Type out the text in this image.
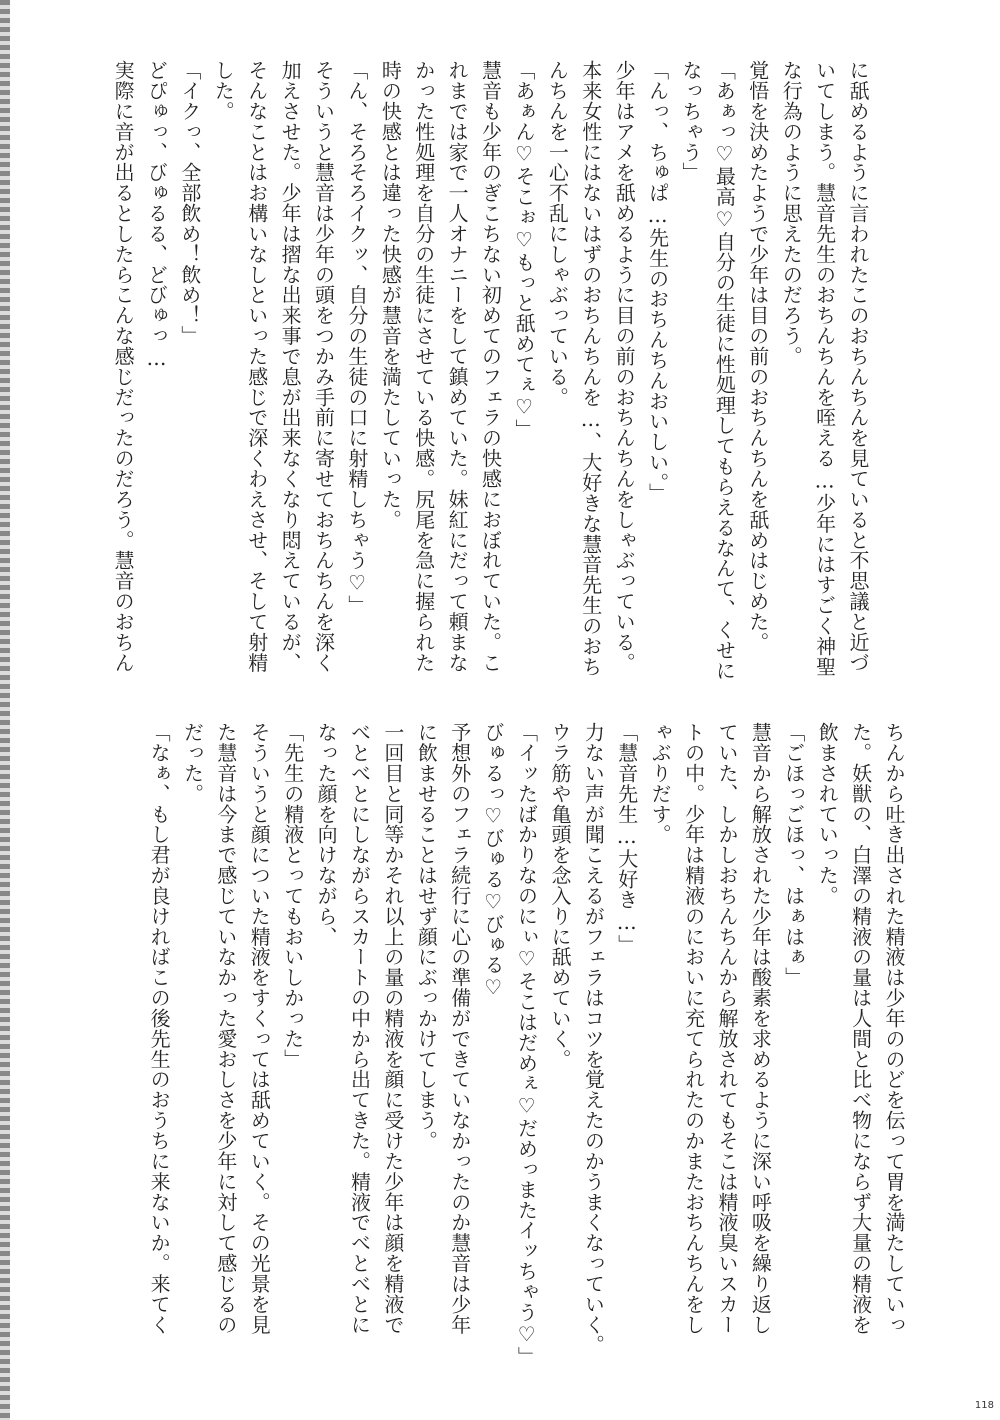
に舐めるように言われたこのおちんちんを見ていると不思議と近づ

いてしまう。慧音先生のおちんちんを咥える…少年にはすごく神聖

な行為のように思えたのだろう。

覚悟を決めたようで少年は目の前のおちんちんを舐めはじめた。

「あぁっ♡最高♡自分の生徒に性処理してもらえるなんて、くせに

なっちゃう」

「んっ、ちゅぱ…先生のおちんちんおいしい。」

少年はアメを舐めるように目の前のおちんちんをしゃぶっている。

本来女性にはないはずのおちんちんを…、大好きな慧音先生のおち

んちんを一心不乱にしゃぶっている。

「あぁん♡そこぉ♡もっと舐めてぇ♡」

慧音も少年のぎこちない初めてのフェラの快感におぼれていた。こ

れまでは家で一人オナニーをして鎮めていた。妹紅にだって頼まな

かった性処理を自分の生徒にさせている快感。尻尾を急に握られた

時の快感とは違った快感が慧音を満たしていった。

「ん、そろそろイクッ、自分の生徒の口に射精しちゃう♡」

そういうと慧音は少年の頭をつかみ手前に寄せておちんちんを深く

加えさせた。少年は摺な出来事で息が出来なくなり悶えているが、

そんなことはお構いなしといった感じで深くわえさせ、そして射精

した。

「イクっ、全部飲め！飲め！」

どぴゅっ、びゅるる、どびゅっ…

実際に音が出るとしたらこんな感じだったのだろう。慧音のおちん

ちんから吐き出された精液は少年ののどを伝って胃を満たしていっ

た。妖獣の、白澤の精液の量は人間と比べ物にならず大量の精液を

飲まされていった。

「ごほっごほっ、はぁはぁ」

慧音から解放された少年は酸素を求めるように深い呼吸を繰り返し

ていた、しかしおちんちんから解放されてもそこは精液臭いスカー

トの中。少年は精液のにおいに充てられたのかまたおちんちんをし

ゃぶりだす。

「慧音先生…大好き…」

力ない声が聞こえるがフェラはコツを覚えたのかうまくなっていく。

ウラ筋や亀頭を念入りに舐めていく。

「イッたばかりなのにぃ♡そこはだめぇ♡だめっまたイッちゃう♡」

びゅるっ♡びゅる♡びゅる♡

予想外のフェラ続行に心の準備ができていなかったのか慧音は少年

に飲ませることはせず顔にぶっかけてしまう。

一回目と同等かそれ以上の量の精液を顔に受けた少年は顔を精液で

べとべとにしながらスカートの中から出てきた。精液でべとべとに

なった顔を向けながら、

「先生の精液とってもおいしかった」

そういうと顔についた精液をすくっては舐めていく。その光景を見

た慧音は今まで感じていなかった愛おしさを少年に対して感じるの

だった。

「なぁ、もし君が良ければこの後先生のおうちに来ないか。来てく

118
